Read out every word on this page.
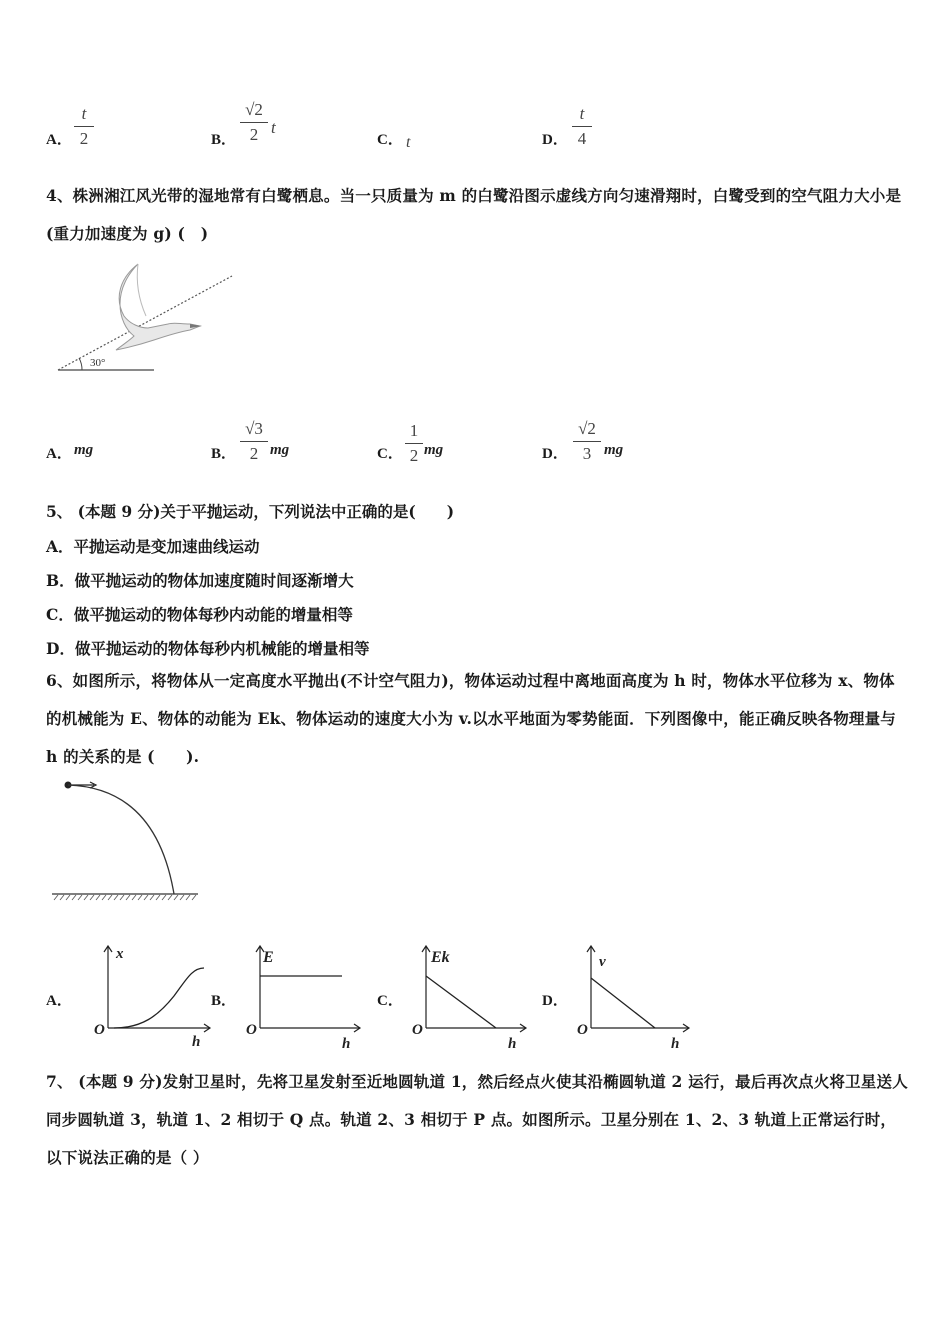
A．
t
2	B．
√2
2 t
C． t	D．
t
4
4、株洲湘江风光带的湿地常有白鹭栖息。当一只质量为 m 的白鹭沿图示虚线方向匀速滑翔时，白鹭受到的空气阻力大小是(重力加速度为 g) (　)
30°
A． mg	B．
√3
2 mg	C．
1
2 mg	D．
√2
3 mg
5、 (本题 9 分)关于平抛运动，下列说法中正确的是(　　)
A．平抛运动是变加速曲线运动
B．做平抛运动的物体加速度随时间逐渐增大
C．做平抛运动的物体每秒内动能的增量相等
D．做平抛运动的物体每秒内机械能的增量相等
6、如图所示，将物体从一定高度水平抛出(不计空气阻力)，物体运动过程中离地面高度为 h 时，物体水平位移为 x、物体的机械能为 E、物体的动能为 Ek、物体运动的速度大小为 v.以水平地面为零势能面．下列图像中，能正确反映各物理量与 h 的关系的是 (　　).
A．
x
h
O
B．
E
h
O
C．
Ek
h
O
D．
v
h
O
7、 (本题 9 分)发射卫星时，先将卫星发射至近地圆轨道 1，然后经点火使其沿椭圆轨道 2 运行，最后再次点火将卫星送人同步圆轨道 3，轨道 1、2 相切于 Q 点。轨道 2、3 相切于 P 点。如图所示。卫星分别在 1、2、3 轨道上正常运行时，以下说法正确的是（ ）
